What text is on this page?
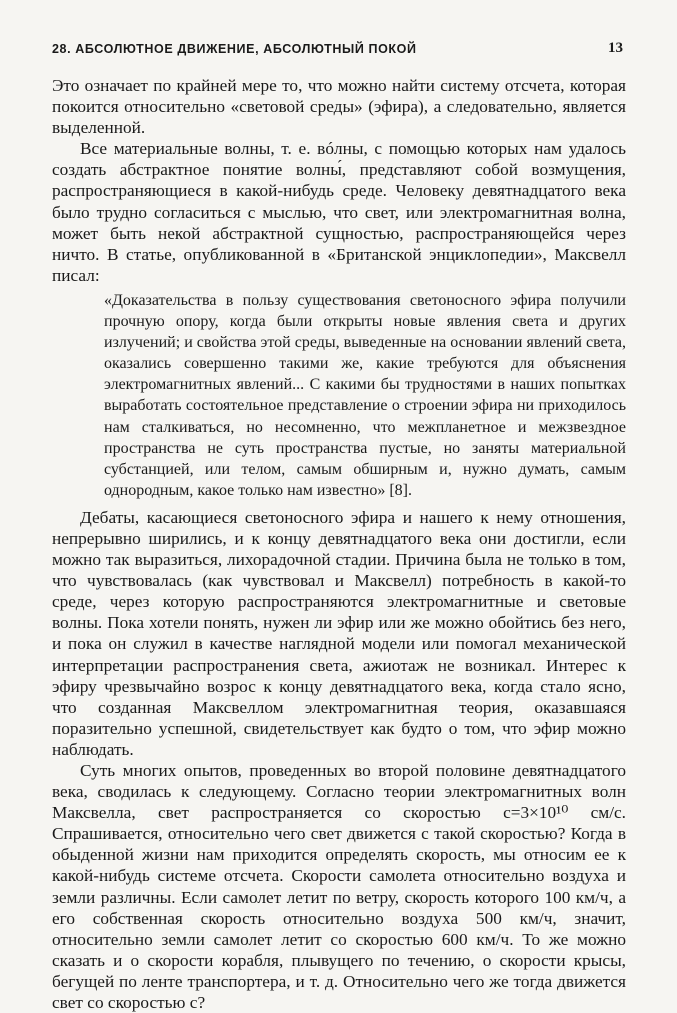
28. АБСОЛЮТНОЕ ДВИЖЕНИЕ, АБСОЛЮТНЫЙ ПОКОЙ	13

Это означает по крайней мере то, что можно найти систему отсчета, которая покоится относительно «световой среды» (эфира), а следовательно, является выделенной.

Все материальные волны, т. е. вóлны, с помощью которых нам удалось создать абстрактное понятие волны́, представляют собой возмущения, распространяющиеся в какой-нибудь среде. Человеку девятнадцатого века было трудно согласиться с мыслью, что свет, или электромагнитная волна, может быть некой абстрактной сущностью, распространяющейся через ничто. В статье, опубликованной в «Британской энциклопедии», Максвелл писал:

«Доказательства в пользу существования светоносного эфира получили прочную опору, когда были открыты новые явления света и других излучений; и свойства этой среды, выведенные на основании явлений света, оказались совершенно такими же, какие требуются для объяснения электромагнитных явлений... С какими бы трудностями в наших попытках выработать состоятельное представление о строении эфира ни приходилось нам сталкиваться, но несомненно, что межпланетное и межзвездное пространства не суть пространства пустые, но заняты материальной субстанцией, или телом, самым обширным и, нужно думать, самым однородным, какое только нам известно» [8].

Дебаты, касающиеся светоносного эфира и нашего к нему отношения, непрерывно ширились, и к концу девятнадцатого века они достигли, если можно так выразиться, лихорадочной стадии. Причина была не только в том, что чувствовалась (как чувствовал и Максвелл) потребность в какой-то среде, через которую распространяются электромагнитные и световые волны. Пока хотели понять, нужен ли эфир или же можно обойтись без него, и пока он служил в качестве наглядной модели или помогал механической интерпретации распространения света, ажиотаж не возникал. Интерес к эфиру чрезвычайно возрос к концу девятнадцатого века, когда стало ясно, что созданная Максвеллом электромагнитная теория, оказавшаяся поразительно успешной, свидетельствует как будто о том, что эфир можно наблюдать.

Суть многих опытов, проведенных во второй половине девятнадцатого века, сводилась к следующему. Согласно теории электромагнитных волн Максвелла, свет распространяется со скоростью c=3×10¹⁰ см/с. Спрашивается, относительно чего свет движется с такой скоростью? Когда в обыденной жизни нам приходится определять скорость, мы относим ее к какой-нибудь системе отсчета. Скорости самолета относительно воздуха и земли различны. Если самолет летит по ветру, скорость которого 100 км/ч, а его собственная скорость относительно воздуха 500 км/ч, значит, относительно земли самолет летит со скоростью 600 км/ч. То же можно сказать и о скорости корабля, плывущего по течению, о скорости крысы, бегущей по ленте транспортера, и т. д. Относительно чего же тогда движется свет со скоростью c?
